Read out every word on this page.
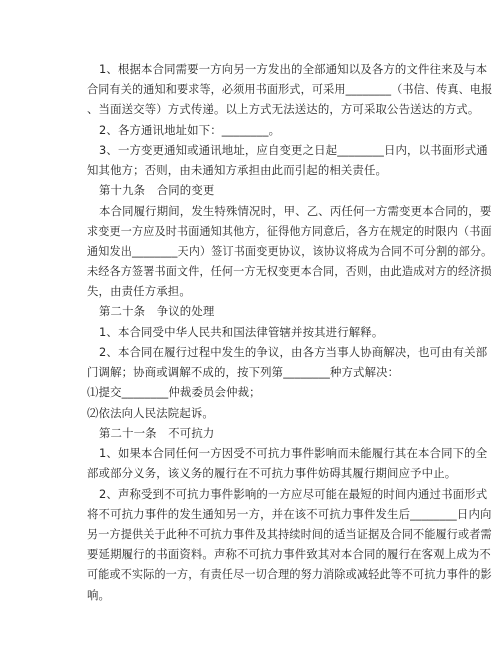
1、根据本合同需要一方向另一方发出的全部通知以及各方的文件往来及与本
合同有关的通知和要求等，必须用书面形式，可采用________（书信、传真、电报
、当面送交等）方式传递。以上方式无法送达的，方可采取公告送达的方式。
2、各方通讯地址如下：________。
3、一方变更通知或通讯地址，应自变更之日起________日内，以书面形式通
知其他方；否则，由未通知方承担由此而引起的相关责任。
第十九条　合同的变更
本合同履行期间，发生特殊情况时，甲、乙、丙任何一方需变更本合同的，要
求变更一方应及时书面通知其他方，征得他方同意后，各方在规定的时限内（书面
通知发出________天内）签订书面变更协议，该协议将成为合同不可分割的部分。
未经各方签署书面文件，任何一方无权变更本合同，否则，由此造成对方的经济损
失，由责任方承担。
第二十条　争议的处理
1、本合同受中华人民共和国法律管辖并按其进行解释。
2、本合同在履行过程中发生的争议，由各方当事人协商解决，也可由有关部
门调解；协商或调解不成的，按下列第________种方式解决：
⑴提交________仲裁委员会仲裁；
⑵依法向人民法院起诉。
第二十一条　不可抗力
1、如果本合同任何一方因受不可抗力事件影响而未能履行其在本合同下的全
部或部分义务，该义务的履行在不可抗力事件妨碍其履行期间应予中止。
2、声称受到不可抗力事件影响的一方应尽可能在最短的时间内通过书面形式
将不可抗力事件的发生通知另一方，并在该不可抗力事件发生后________日内向
另一方提供关于此种不可抗力事件及其持续时间的适当证据及合同不能履行或者需
要延期履行的书面资料。声称不可抗力事件致其对本合同的履行在客观上成为不
可能或不实际的一方，有责任尽一切合理的努力消除或减轻此等不可抗力事件的影
响。
